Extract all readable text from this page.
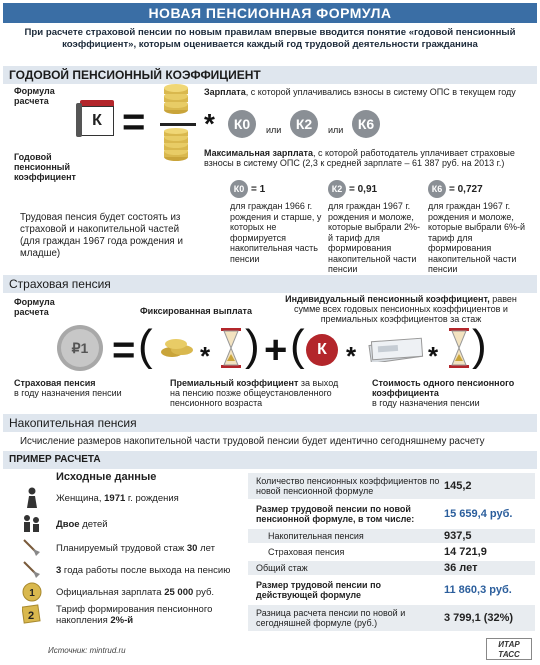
НОВАЯ ПЕНСИОННАЯ ФОРМУЛА
При расчете страховой пенсии по новым правилам впервые вводится понятие «годовой пенсионный коэффициент», которым оценивается каждый год трудовой деятельности гражданина
ГОДОВОЙ ПЕНСИОННЫЙ КОЭФФИЦИЕНТ
Формула расчета
К =
Зарплата, с которой уплачивались взносы в систему ОПС в текущем году
Максимальная зарплата, с которой работодатель уплачивает страховые взносы в систему ОПС (2,3 к средней зарплате – 61 387 руб. на 2013 г.)
*	К0	или	К2	или	К6
Годовой пенсионный коэффициент
К0 = 1
для граждан 1966 г. рождения и старше, у которых не формируется накопительная часть пенсии
К2 = 0,91
для граждан 1967 г. рождения и моложе, которые выбрали 2%-й тариф для формирования накопительной части пенсии
К6 = 0,727
для граждан 1967 г. рождения и моложе, которые выбрали 6%-й тариф для формирования накопительной части пенсии
Трудовая пенсия будет состоять из страховой и накопительной частей (для граждан 1967 года рождения и младше)
Страховая пенсия
Формула расчета	Фиксированная выплата
Индивидуальный пенсионный коэффициент, равен сумме всех годовых пенсионных коэффициентов и премиальных коэффициентов за стаж
₽1 = ( * ) + ( К *	* )
Страховая пенсия
в году назначения пенсии
Премиальный коэффициент за выход на пенсию позже общеустановленного пенсионного возраста
Стоимость одного пенсионного коэффициента
в году назначения пенсии
Накопительная пенсия
Исчисление размеров накопительной части трудовой пенсии будет идентично сегодняшнему расчету
ПРИМЕР РАСЧЕТА
Исходные данные
Женщина, 1971 г. рождения
Двое детей
Планируемый трудовой стаж 30 лет
3 года работы после выхода на пенсию
1 Официальная зарплата 25 000 руб.
2
Тариф формирования пенсионного накопления 2%-й
Количество пенсионных коэффициентов по новой пенсионной формуле	145,2
Размер трудовой пенсии по новой пенсионной формуле, в том числе:	15 659,4 руб.
Накопительная пенсия	937,5
Страховая пенсия	14 721,9
Общий стаж	36 лет
Размер трудовой пенсии по действующей формуле	11 860,3 руб.
Разница расчета пенсии по новой и сегодняшней формуле (руб.)	3 799,1 (32%)
Источник: mintrud.ru
ИТАР ТАСС
